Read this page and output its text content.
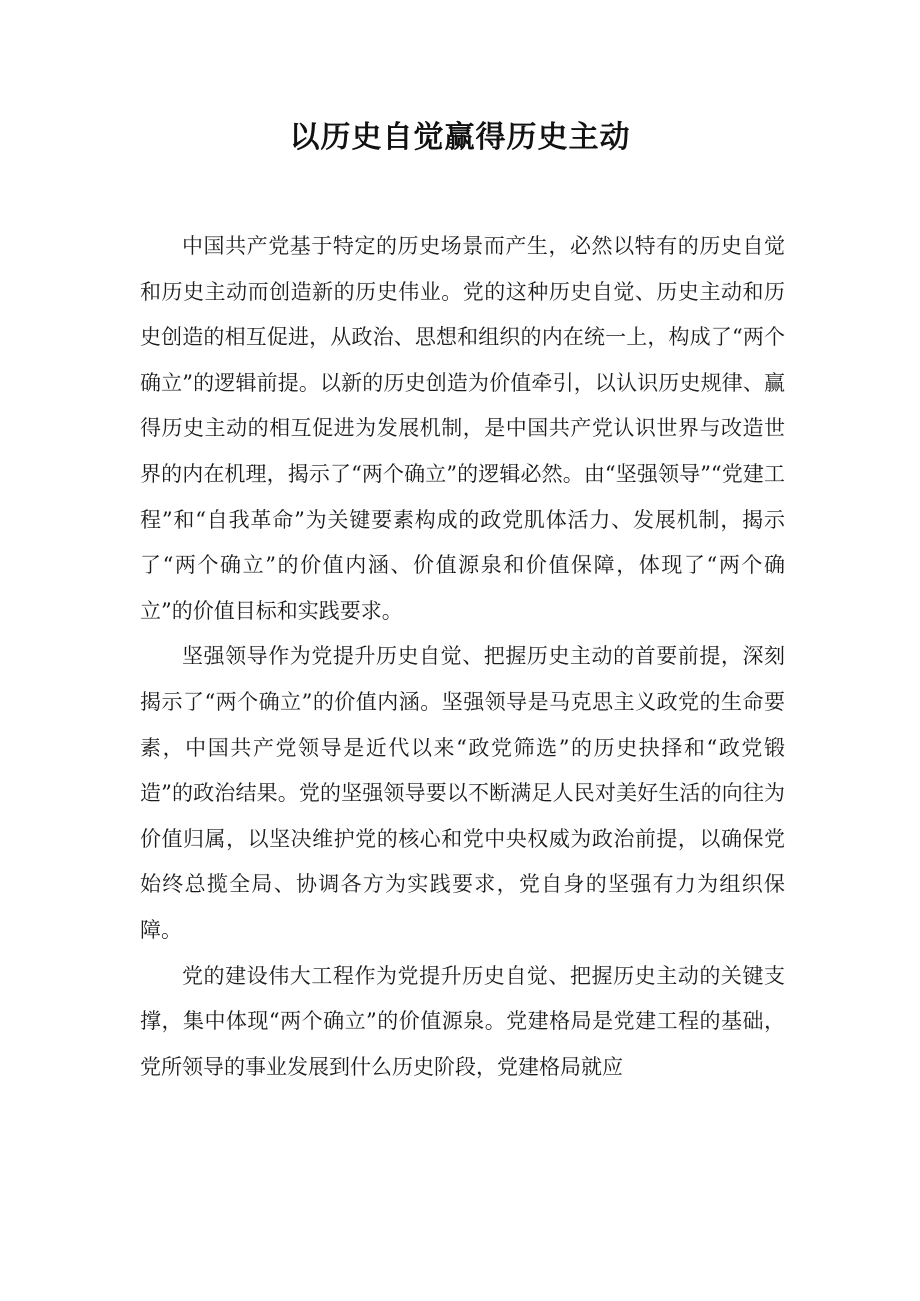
以历史自觉赢得历史主动

中国共产党基于特定的历史场景而产生，必然以特有的历史自觉和历史主动而创造新的历史伟业。党的这种历史自觉、历史主动和历史创造的相互促进，从政治、思想和组织的内在统一上，构成了“两个确立”的逻辑前提。以新的历史创造为价值牵引，以认识历史规律、赢得历史主动的相互促进为发展机制，是中国共产党认识世界与改造世界的内在机理，揭示了“两个确立”的逻辑必然。由“坚强领导”“党建工程”和“自我革命”为关键要素构成的政党肌体活力、发展机制，揭示了“两个确立”的价值内涵、价值源泉和价值保障，体现了“两个确立”的价值目标和实践要求。

坚强领导作为党提升历史自觉、把握历史主动的首要前提，深刻揭示了“两个确立”的价值内涵。坚强领导是马克思主义政党的生命要素，中国共产党领导是近代以来“政党筛选”的历史抉择和“政党锻造”的政治结果。党的坚强领导要以不断满足人民对美好生活的向往为价值归属，以坚决维护党的核心和党中央权威为政治前提，以确保党始终总揽全局、协调各方为实践要求，党自身的坚强有力为组织保障。

党的建设伟大工程作为党提升历史自觉、把握历史主动的关键支撑，集中体现“两个确立”的价值源泉。党建格局是党建工程的基础，党所领导的事业发展到什么历史阶段，党建格局就应
